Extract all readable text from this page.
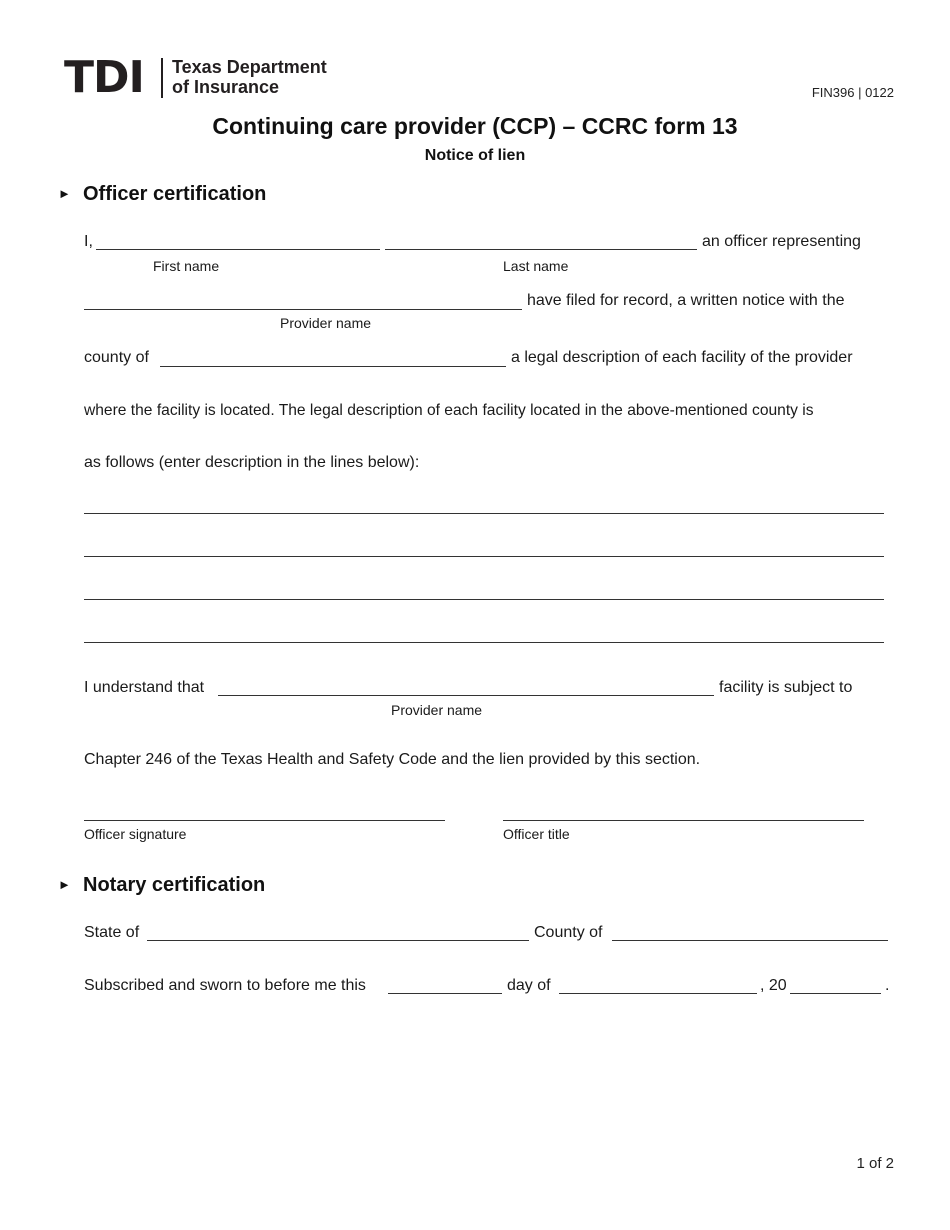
TDI Texas Department
of Insurance	FIN396 | 0122
Continuing care provider (CCP) – CCRC form 13
Notice of lien
► Officer certification
I,	an officer representing
First name	Last name
have filed for record, a written notice with the
Provider name
county of	a legal description of each facility of the provider
where the facility is located. The legal description of each facility located in the above-mentioned county is
as follows (enter description in the lines below):
I understand that	facility is subject to
Provider name
Chapter 246 of the Texas Health and Safety Code and the lien provided by this section.
Officer signature	Officer title
► Notary certification
State of	County of
Subscribed and sworn to before me this	day of	, 20	.
1 of 2
